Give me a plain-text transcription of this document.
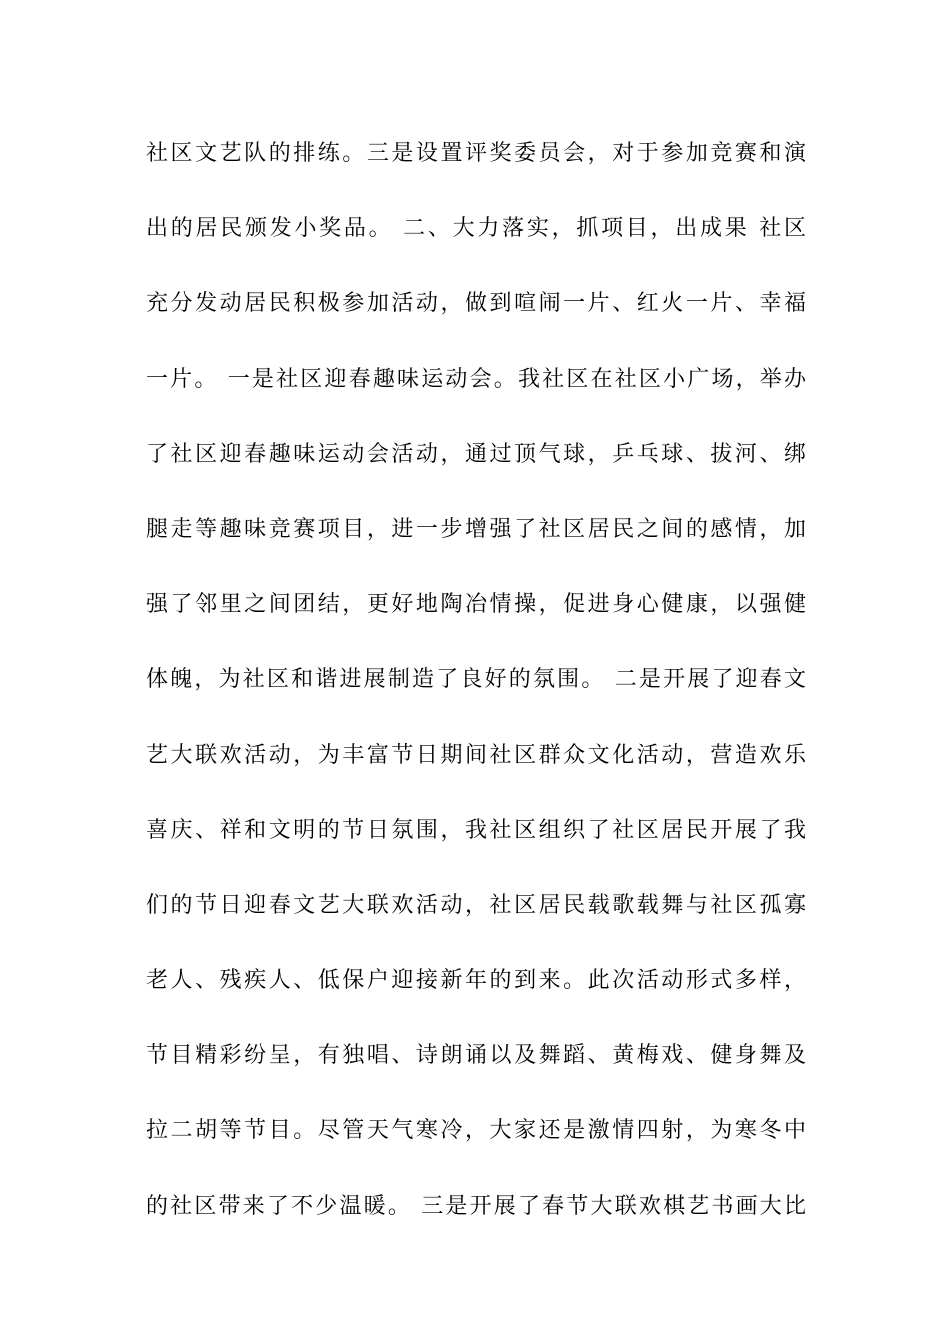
社区文艺队的排练。三是设置评奖委员会，对于参加竞赛和演
出的居民颁发小奖品。 二、大力落实，抓项目，出成果 社区
充分发动居民积极参加活动，做到喧闹一片、红火一片、幸福
一片。 一是社区迎春趣味运动会。我社区在社区小广场，举办
了社区迎春趣味运动会活动，通过顶气球，乒乓球、拔河、绑
腿走等趣味竞赛项目，进一步增强了社区居民之间的感情，加
强了邻里之间团结，更好地陶冶情操，促进身心健康，以强健
体魄，为社区和谐进展制造了良好的氛围。 二是开展了迎春文
艺大联欢活动，为丰富节日期间社区群众文化活动，营造欢乐
喜庆、祥和文明的节日氛围，我社区组织了社区居民开展了我
们的节日迎春文艺大联欢活动，社区居民载歌载舞与社区孤寡
老人、残疾人、低保户迎接新年的到来。此次活动形式多样，
节目精彩纷呈，有独唱、诗朗诵以及舞蹈、黄梅戏、健身舞及
拉二胡等节目。尽管天气寒冷，大家还是激情四射，为寒冬中
的社区带来了不少温暖。 三是开展了春节大联欢棋艺书画大比
